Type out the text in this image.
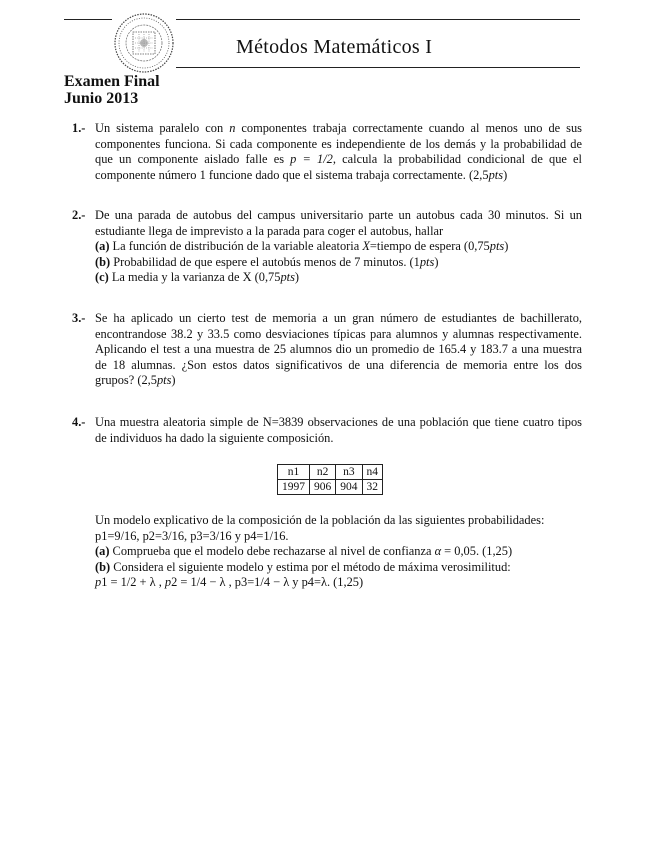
Métodos Matemáticos I
Examen Final
Junio 2013
1.- Un sistema paralelo con n componentes trabaja correctamente cuando al menos uno de sus componentes funciona. Si cada componente es independiente de los demás y la probabilidad de que un componente aislado falle es p = 1/2, calcula la probabilidad condicional de que el componente número 1 funcione dado que el sistema trabaja correctamente. (2,5pts)

2.- De una parada de autobus del campus universitario parte un autobus cada 30 minutos. Si un estudiante llega de imprevisto a la parada para coger el autobus, hallar

(a) La función de distribución de la variable aleatoria X=tiempo de espera (0,75pts)

(b) Probabilidad de que espere el autobús menos de 7 minutos. (1pts)

(c) La media y la varianza de X (0,75pts)

3.- Se ha aplicado un cierto test de memoria a un gran número de estudiantes de bachillerato, encontrandose 38.2 y 33.5 como desviaciones típicas para alumnos y alumnas respectivamente. Aplicando el test a una muestra de 25 alumnos dio un promedio de 165.4 y 183.7 a una muestra de 18 alumnas. ¿Son estos datos significativos de una diferencia de memoria entre los dos grupos? (2,5pts)

4.- Una muestra aleatoria simple de N=3839 observaciones de una población que tiene cuatro tipos de individuos ha dado la siguiente composición.

n1	n2	n3	n4
1997	906	904	32

Un modelo explicativo de la composición de la población da las siguientes probabilidades:

p1=9/16, p2=3/16, p3=3/16 y p4=1/16.

(a) Comprueba que el modelo debe rechazarse al nivel de confianza α = 0,05. (1,25)

(b) Considera el siguiente modelo y estima por el método de máxima verosimilitud:

p1 = 1/2 + λ , p2 = 1/4 − λ , p3=1/4 − λ y p4=λ. (1,25)
